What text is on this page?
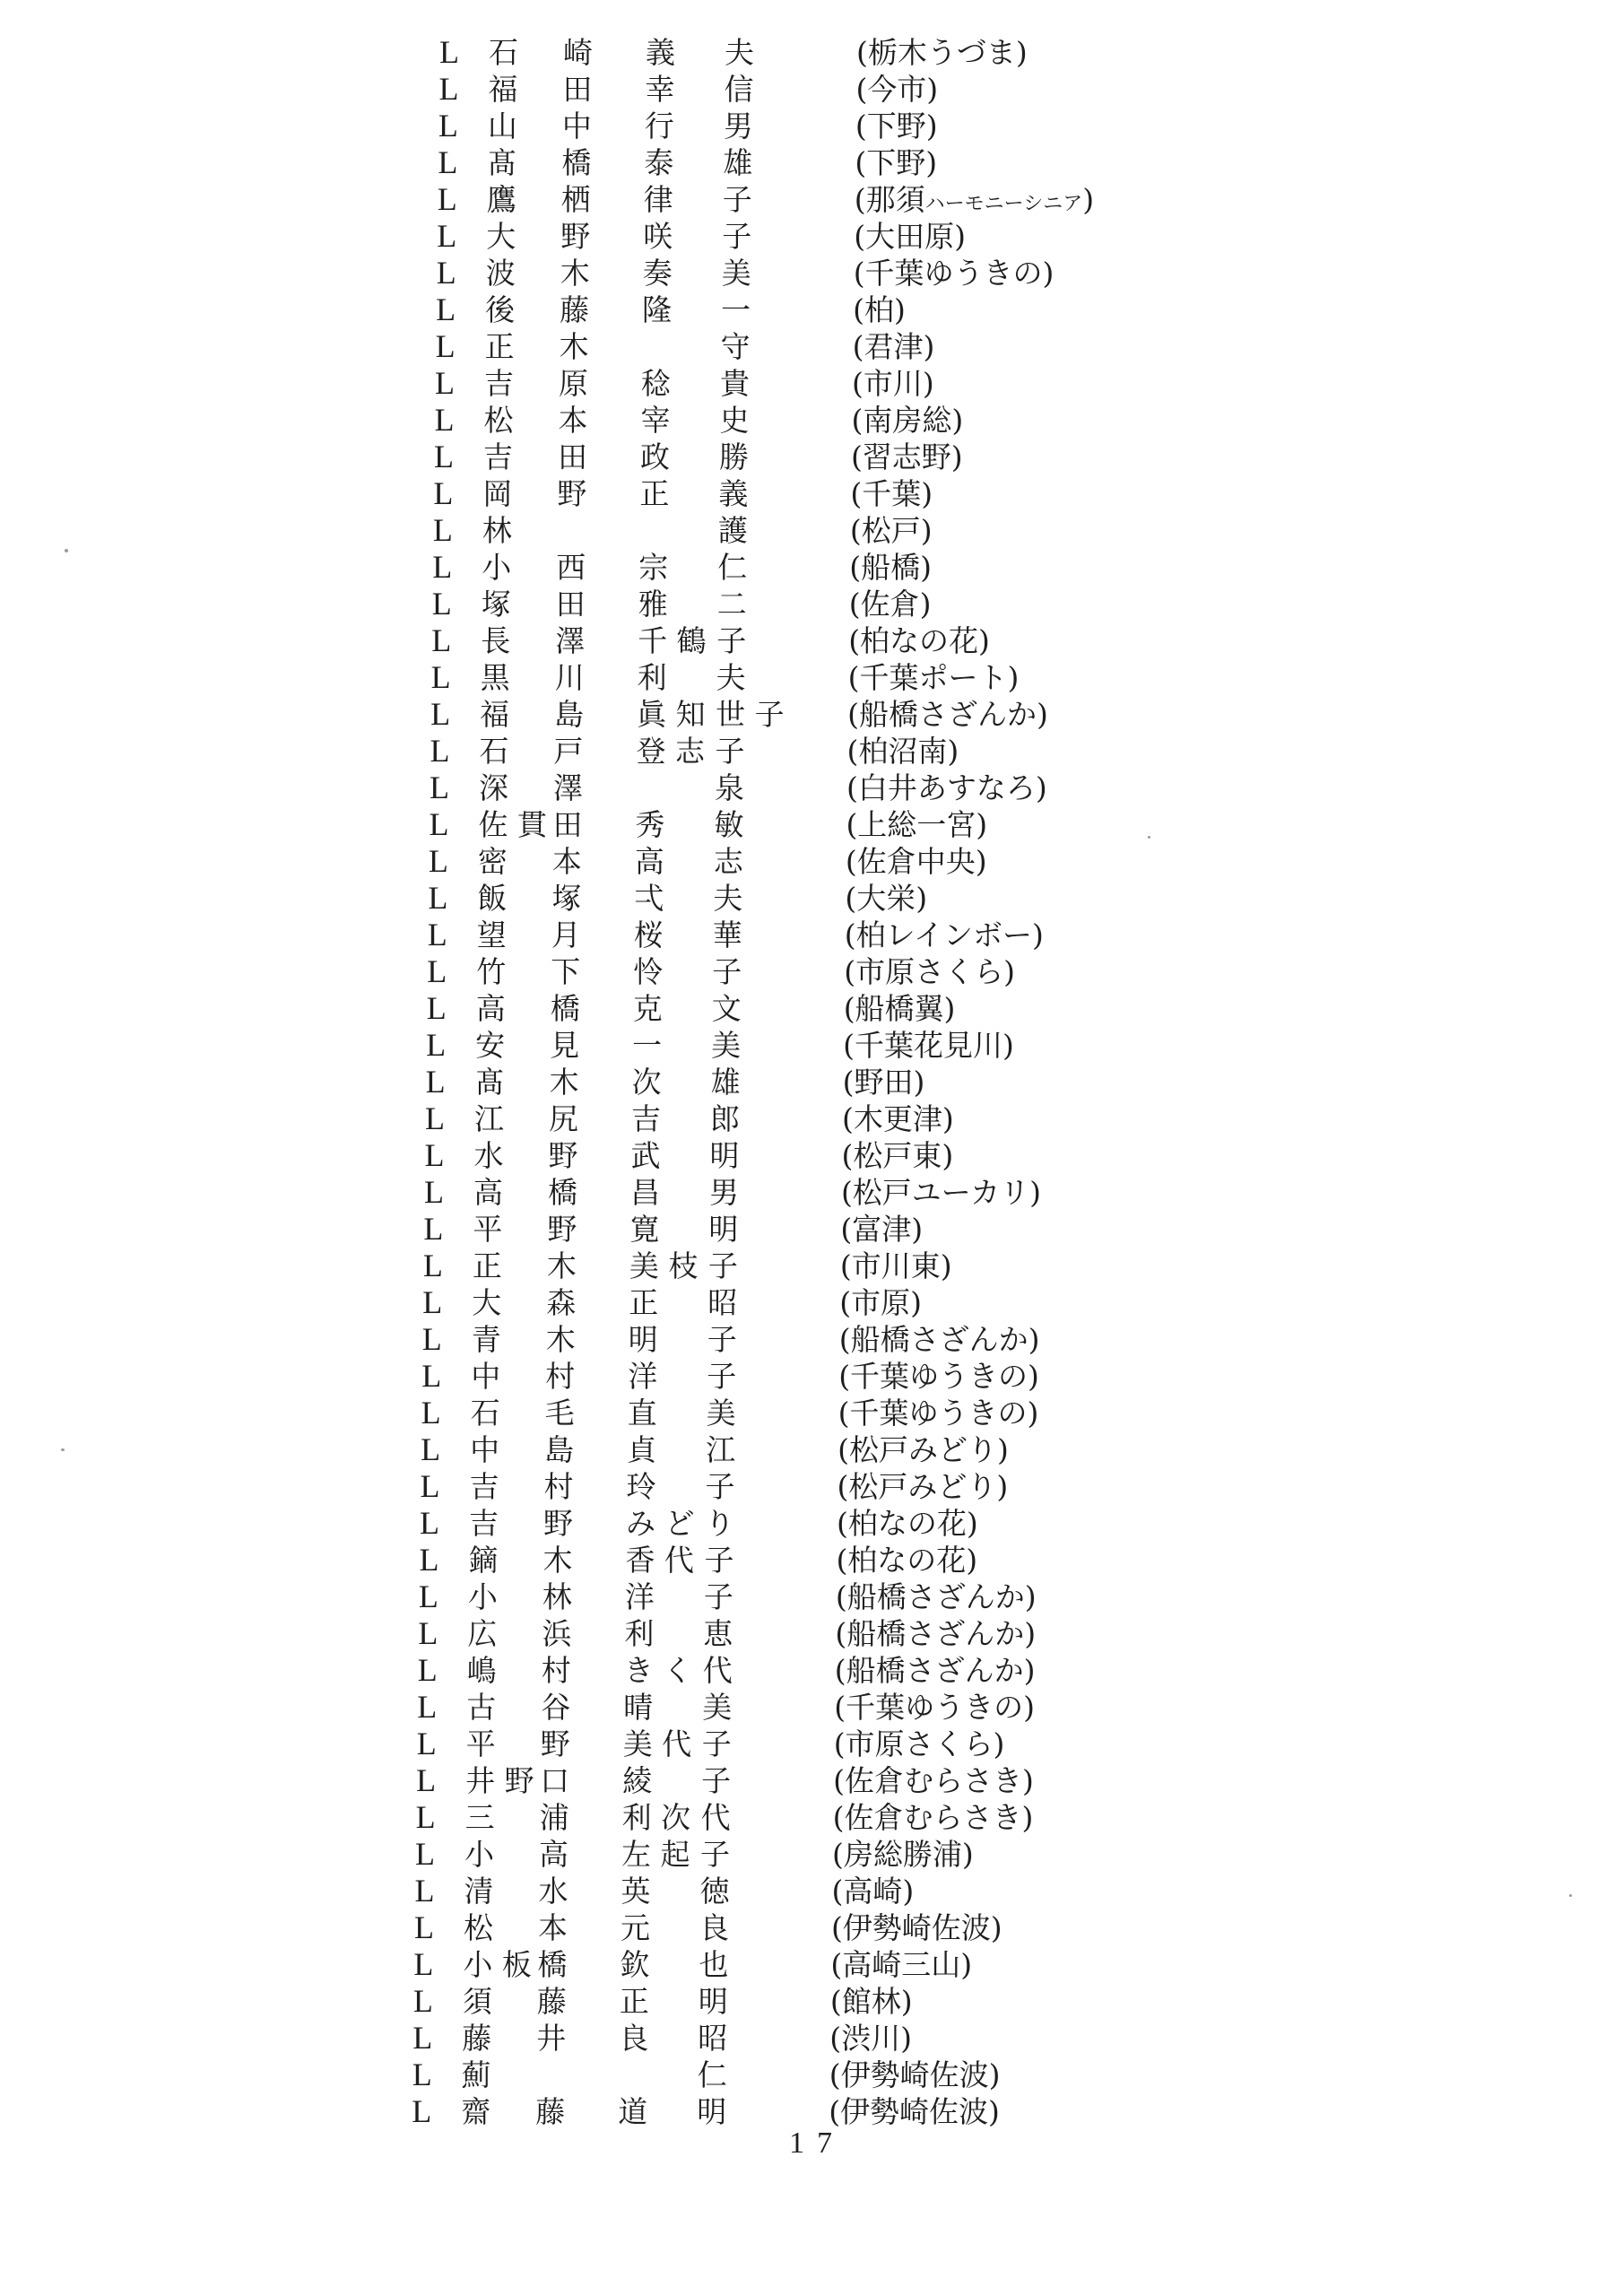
L 石 崎 義 夫	(栃木うづま)
L 福 田 幸 信	(今市)
L 山 中 行 男	(下野)
L 髙 橋 泰 雄	(下野)
L 鷹 栖 律 子	(那須ハーモニーシニア)
L 大 野 咲 子	(大田原)
L 波 木 奏 美	(千葉ゆうきの)
L 後 藤 隆 一	(柏)
L 正 木	守	(君津)
L 吉 原 稔 貴	(市川)
L 松 本 宰 史	(南房総)
L 吉 田 政 勝	(習志野)
L 岡 野 正 義	(千葉)
L 林	護	(松戸)
L 小 西 宗 仁	(船橋)
L 塚 田 雅 二	(佐倉)
L 長 澤 千 鶴 子	(柏なの花)
L 黒 川 利 夫	(千葉ポート)
L 福 島 眞 知 世 子 (船橋さざんか)
L 石 戸 登 志 子	(柏沼南)
L 深 澤	泉	(白井あすなろ)
L 佐 貫 田 秀 敏	(上総一宮)
L 密 本 高 志	(佐倉中央)
L 飯 塚 弌 夫	(大栄)
L 望 月 桜 華	(柏レインボー)
L 竹 下 怜 子	(市原さくら)
L 高 橋 克 文	(船橋翼)
L 安 見 一 美	(千葉花見川)
L 髙 木 次 雄	(野田)
L 江 尻 吉 郎	(木更津)
L 水 野 武 明	(松戸東)
L 高 橋 昌 男	(松戸ユーカリ)
L 平 野 寛 明	(富津)
L 正 木 美 枝 子	(市川東)
L 大 森 正 昭	(市原)
L 青 木 明 子	(船橋さざんか)
L 中 村 洋 子	(千葉ゆうきの)
L 石 毛 直 美	(千葉ゆうきの)
L 中 島 貞 江	(松戸みどり)
L 吉 村 玲 子	(松戸みどり)
L 吉 野 み ど り	(柏なの花)
L 鏑 木 香 代 子	(柏なの花)
L 小 林 洋 子	(船橋さざんか)
L 広 浜 利 恵	(船橋さざんか)
L 嶋 村 き く 代	(船橋さざんか)
L 古 谷 晴 美	(千葉ゆうきの)
L 平 野 美 代 子	(市原さくら)
L 井 野 口 綾 子	(佐倉むらさき)
L 三 浦 利 次 代	(佐倉むらさき)
L 小 高 左 起 子	(房総勝浦)
L 清 水 英 徳	(高崎)
L 松 本 元 良	(伊勢崎佐波)
L 小 板 橋 欽 也	(高崎三山)
L 須 藤 正 明	(館林)
L 藤 井 良 昭	(渋川)
L 薊	仁	(伊勢崎佐波)
L 齋 藤 道 明	(伊勢崎佐波)
17
